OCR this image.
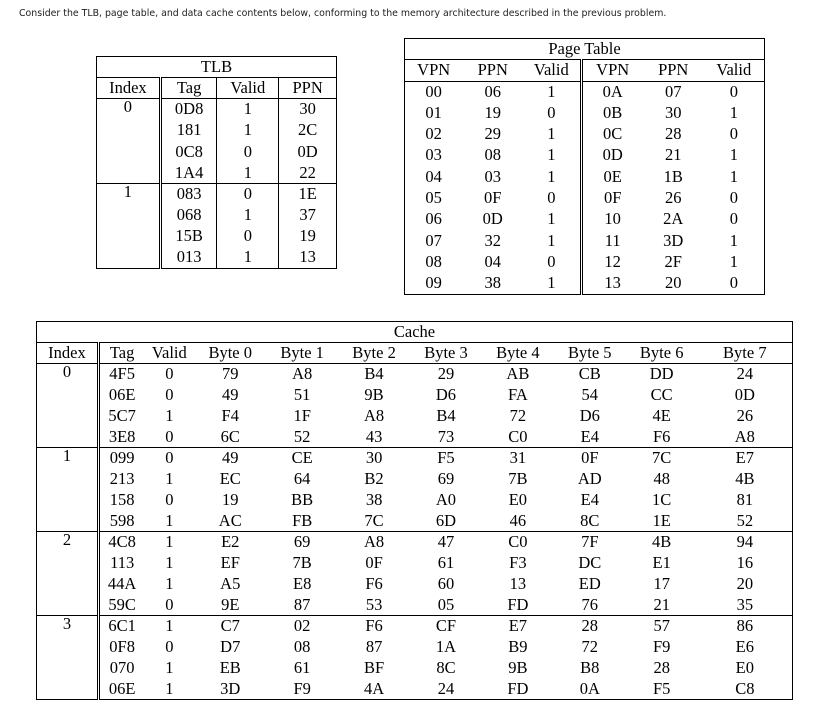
Consider the TLB, page table, and data cache contents below, conforming to the memory architecture described in the previous problem.
TLB			
Index	Tag	Valid	PPN
0	0D8	1	30
	181	1	2C
	0C8	0	0D
	1A4	1	22
1	083	0	1E
	068	1	37
	15B	0	19
	013	1	13
Page Table					
VPN	PPN	Valid	VPN	PPN	Valid
00	06	1	0A	07	0
01	19	0	0B	30	1
02	29	1	0C	28	0
03	08	1	0D	21	1
04	03	1	0E	1B	1
05	0F	0	0F	26	0
06	0D	1	10	2A	0
07	32	1	11	3D	1
08	04	0	12	2F	1
09	38	1	13	20	0
Cache										
Index	Tag	Valid	Byte 0	Byte 1	Byte 2	Byte 3	Byte 4	Byte 5	Byte 6	Byte 7
0	4F5	0	79	A8	B4	29	AB	CB	DD	24
	06E	0	49	51	9B	D6	FA	54	CC	0D
	5C7	1	F4	1F	A8	B4	72	D6	4E	26
	3E8	0	6C	52	43	73	C0	E4	F6	A8
1	099	0	49	CE	30	F5	31	0F	7C	E7
	213	1	EC	64	B2	69	7B	AD	48	4B
	158	0	19	BB	38	A0	E0	E4	1C	81
	598	1	AC	FB	7C	6D	46	8C	1E	52
2	4C8	1	E2	69	A8	47	C0	7F	4B	94
	113	1	EF	7B	0F	61	F3	DC	E1	16
	44A	1	A5	E8	F6	60	13	ED	17	20
	59C	0	9E	87	53	05	FD	76	21	35
3	6C1	1	C7	02	F6	CF	E7	28	57	86
	0F8	0	D7	08	87	1A	B9	72	F9	E6
	070	1	EB	61	BF	8C	9B	B8	28	E0
	06E	1	3D	F9	4A	24	FD	0A	F5	C8
